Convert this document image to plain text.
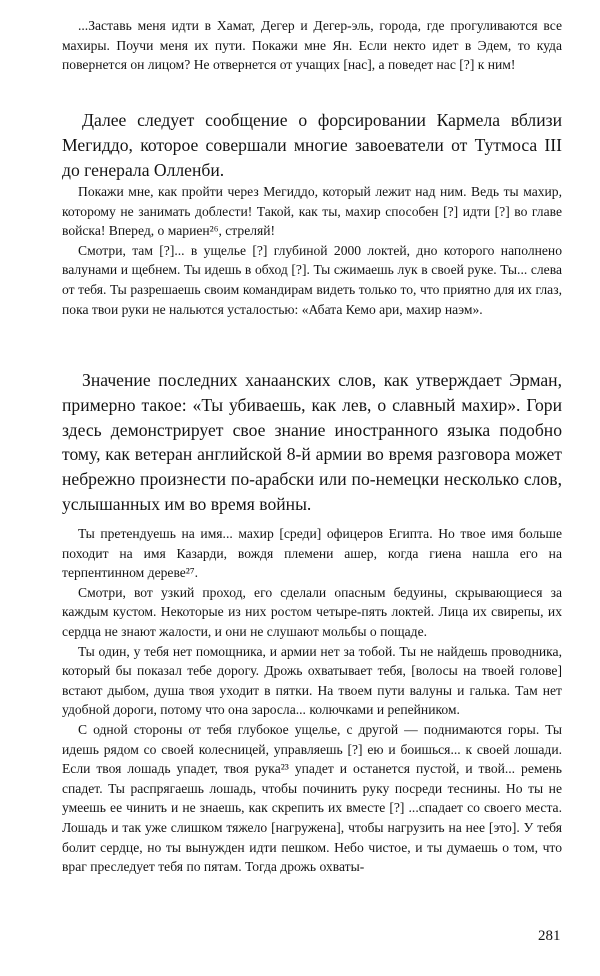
...Заставь меня идти в Хамат, Дегер и Дегер-эль, города, где прогуливаются все махиры. Поучи меня их пути. Покажи мне Ян. Если некто идет в Эдем, то куда повернется он лицом? Не отвернется от учащих [нас], а поведет нас [?] к ним!

Далее следует сообщение о форсировании Кармела вблизи Мегиддо, которое совершали многие завоеватели от Тутмоса III до генерала Олленби.

Покажи мне, как пройти через Мегиддо, который лежит над ним. Ведь ты махир, которому не занимать доблести! Такой, как ты, махир способен [?] идти [?] во главе войска! Вперед, о мариен²⁶, стреляй!

Смотри, там [?]... в ущелье [?] глубиной 2000 локтей, дно которого наполнено валунами и щебнем. Ты идешь в обход [?]. Ты сжимаешь лук в своей руке. Ты... слева от тебя. Ты разрешаешь своим командирам видеть только то, что приятно для их глаз, пока твои руки не нальются усталостью: «Абата Кемо ари, махир наэм».

Значение последних ханаанских слов, как утверждает Эрман, примерно такое: «Ты убиваешь, как лев, о славный махир». Гори здесь демонстрирует свое знание иностранного языка подобно тому, как ветеран английской 8-й армии во время разговора может небрежно произнести по-арабски или по-немецки несколько слов, услышанных им во время войны.

Ты претендуешь на имя... махир [среди] офицеров Египта. Но твое имя больше походит на имя Казарди, вождя племени ашер, когда гиена нашла его на терпентинном дереве²⁷.

Смотри, вот узкий проход, его сделали опасным бедуины, скрывающиеся за каждым кустом. Некоторые из них ростом четыре-пять локтей. Лица их свирепы, их сердца не знают жалости, и они не слушают мольбы о пощаде.

Ты один, у тебя нет помощника, и армии нет за тобой. Ты не найдешь проводника, который бы показал тебе дорогу. Дрожь охватывает тебя, [волосы на твоей голове] встают дыбом, душа твоя уходит в пятки. На твоем пути валуны и галька. Там нет удобной дороги, потому что она заросла... колючками и репейником.

С одной стороны от тебя глубокое ущелье, с другой — поднимаются горы. Ты идешь рядом со своей колесницей, управляешь [?] ею и боишься... к своей лошади. Если твоя лошадь упадет, твоя рука²³ упадет и останется пустой, и твой... ремень спадет. Ты распрягаешь лошадь, чтобы починить руку посреди теснины. Но ты не умеешь ее чинить и не знаешь, как скрепить их вместе [?] ...спадает со своего места. Лошадь и так уже слишком тяжело [нагружена], чтобы нагрузить на нее [это]. У тебя болит сердце, но ты вынужден идти пешком. Небо чистое, и ты думаешь о том, что враг преследует тебя по пятам. Тогда дрожь охваты-

281
